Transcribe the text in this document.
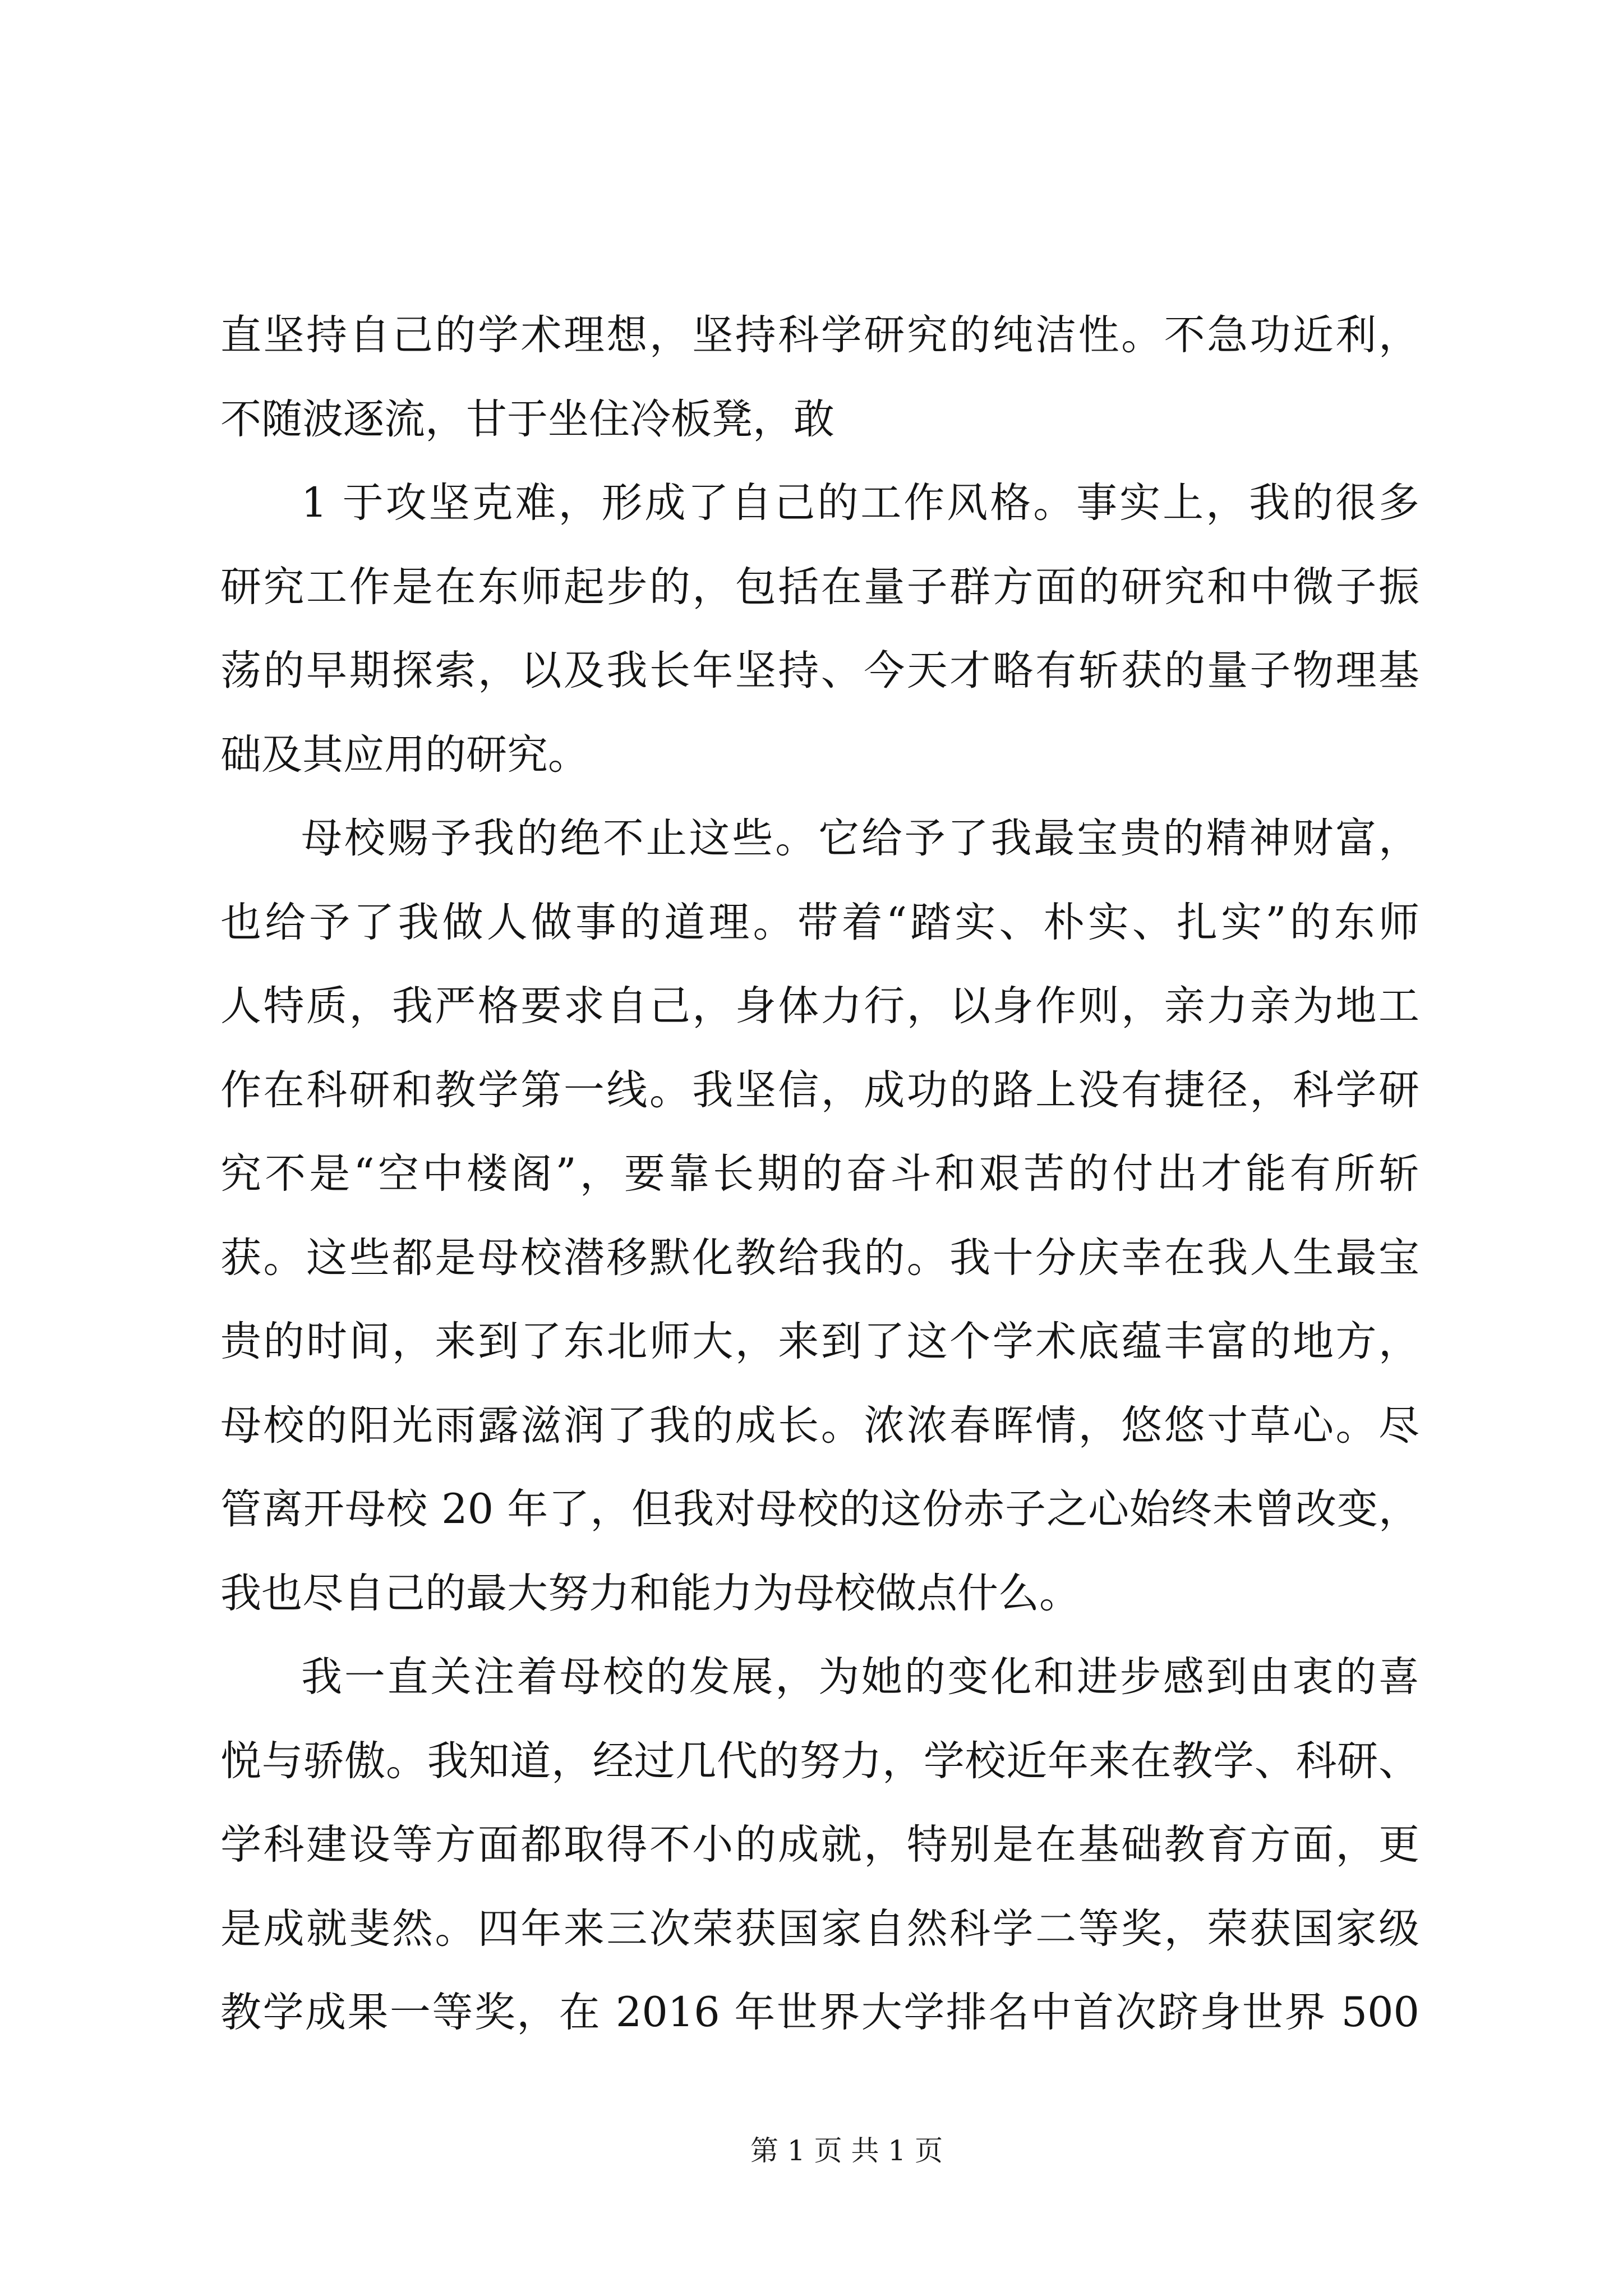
直坚持自己的学术理想，坚持科学研究的纯洁性。不急功近利，
不随波逐流，甘于坐住冷板凳，敢
1 于攻坚克难，形成了自己的工作风格。事实上，我的很多
研究工作是在东师起步的，包括在量子群方面的研究和中微子振
荡的早期探索，以及我长年坚持、今天才略有斩获的量子物理基
础及其应用的研究。
母校赐予我的绝不止这些。它给予了我最宝贵的精神财富，
也给予了我做人做事的道理。带着“踏实、朴实、扎实”的东师
人特质，我严格要求自己，身体力行，以身作则，亲力亲为地工
作在科研和教学第一线。我坚信，成功的路上没有捷径，科学研
究不是“空中楼阁”，要靠长期的奋斗和艰苦的付出才能有所斩
获。这些都是母校潜移默化教给我的。我十分庆幸在我人生最宝
贵的时间，来到了东北师大，来到了这个学术底蕴丰富的地方，
母校的阳光雨露滋润了我的成长。浓浓春晖情，悠悠寸草心。尽
管离开母校 20 年了，但我对母校的这份赤子之心始终未曾改变，
我也尽自己的最大努力和能力为母校做点什么。
我一直关注着母校的发展，为她的变化和进步感到由衷的喜
悦与骄傲。我知道，经过几代的努力，学校近年来在教学、科研、
学科建设等方面都取得不小的成就，特别是在基础教育方面，更
是成就斐然。四年来三次荣获国家自然科学二等奖，荣获国家级
教学成果一等奖，在 2016 年世界大学排名中首次跻身世界 500
第 1 页 共 1 页
